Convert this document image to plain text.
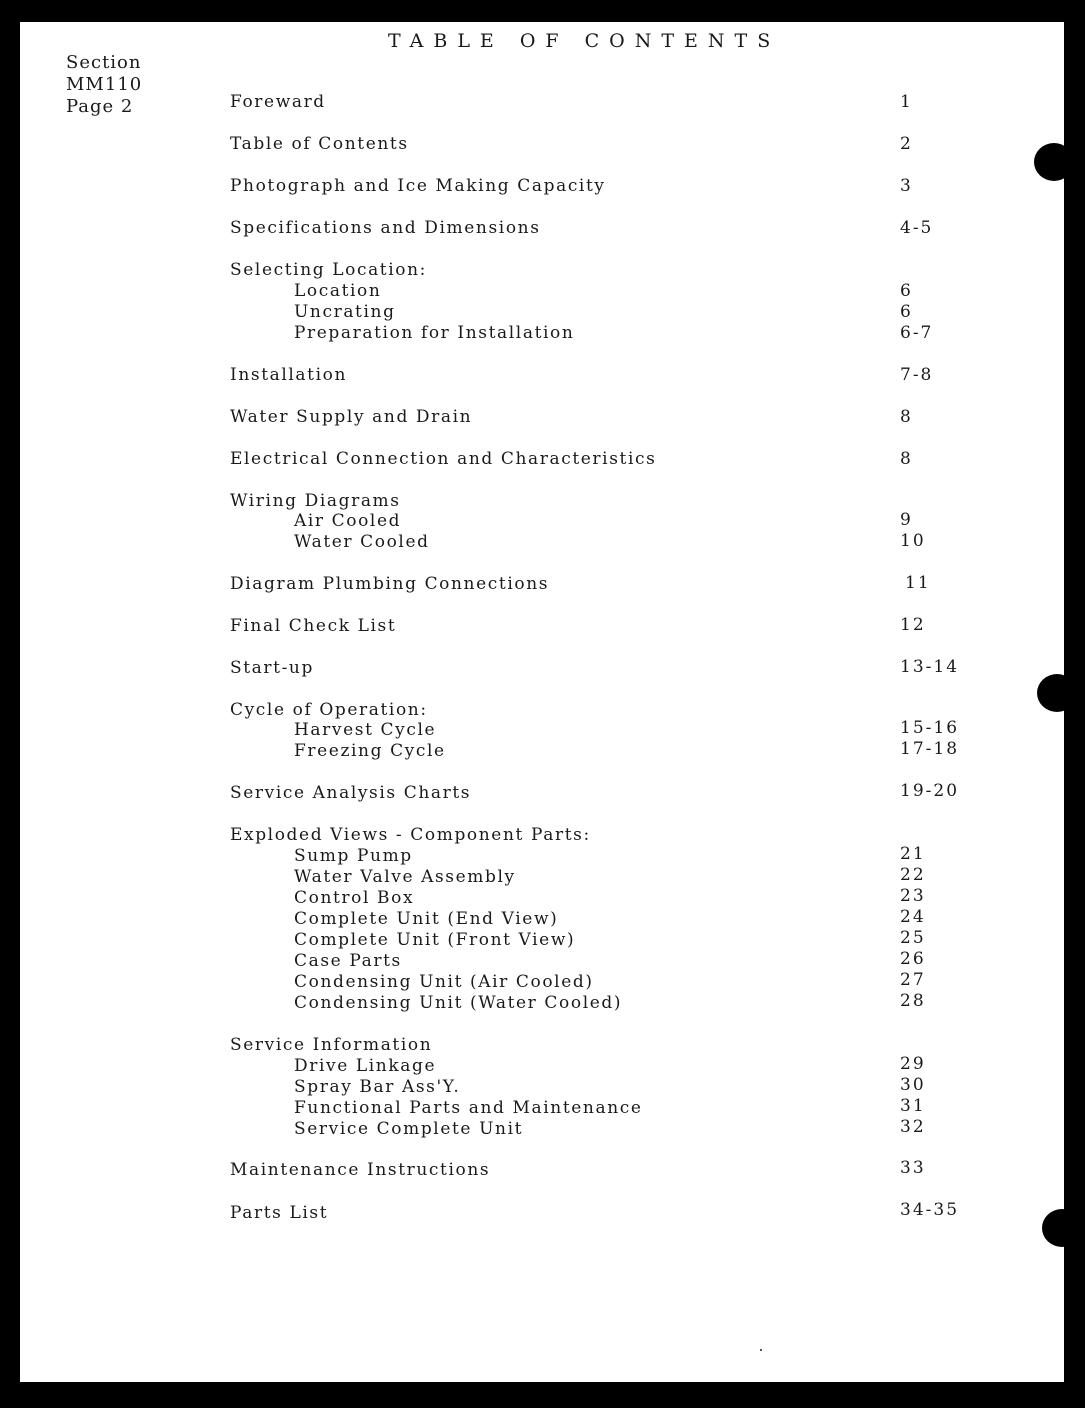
TABLE OF CONTENTS
Section
MM110
Page 2	Foreward	1
Table of Contents	2
Photograph and Ice Making Capacity	3
Specifications and Dimensions	4-5
Selecting Location:
Location	6
Uncrating	6
Preparation for Installation	6-7
Installation	7-8
Water Supply and Drain	8
Electrical Connection and Characteristics	8
Wiring Diagrams
Air Cooled	9
Water Cooled	10
Diagram Plumbing Connections	11
Final Check List	12
Start-up	13-14
Cycle of Operation:
Harvest Cycle	15-16
Freezing Cycle	17-18
Service Analysis Charts	19-20
Exploded Views - Component Parts:
Sump Pump	21
Water Valve Assembly	22
Control Box	23
Complete Unit (End View)	24
Complete Unit (Front View)	25
Case Parts	26
Condensing Unit (Air Cooled)	27
Condensing Unit (Water Cooled)	28
Service Information
Drive Linkage	29
Spray Bar Ass'Y.	30
Functional Parts and Maintenance	31
Service Complete Unit	32
Maintenance Instructions	33
Parts List	34-35
